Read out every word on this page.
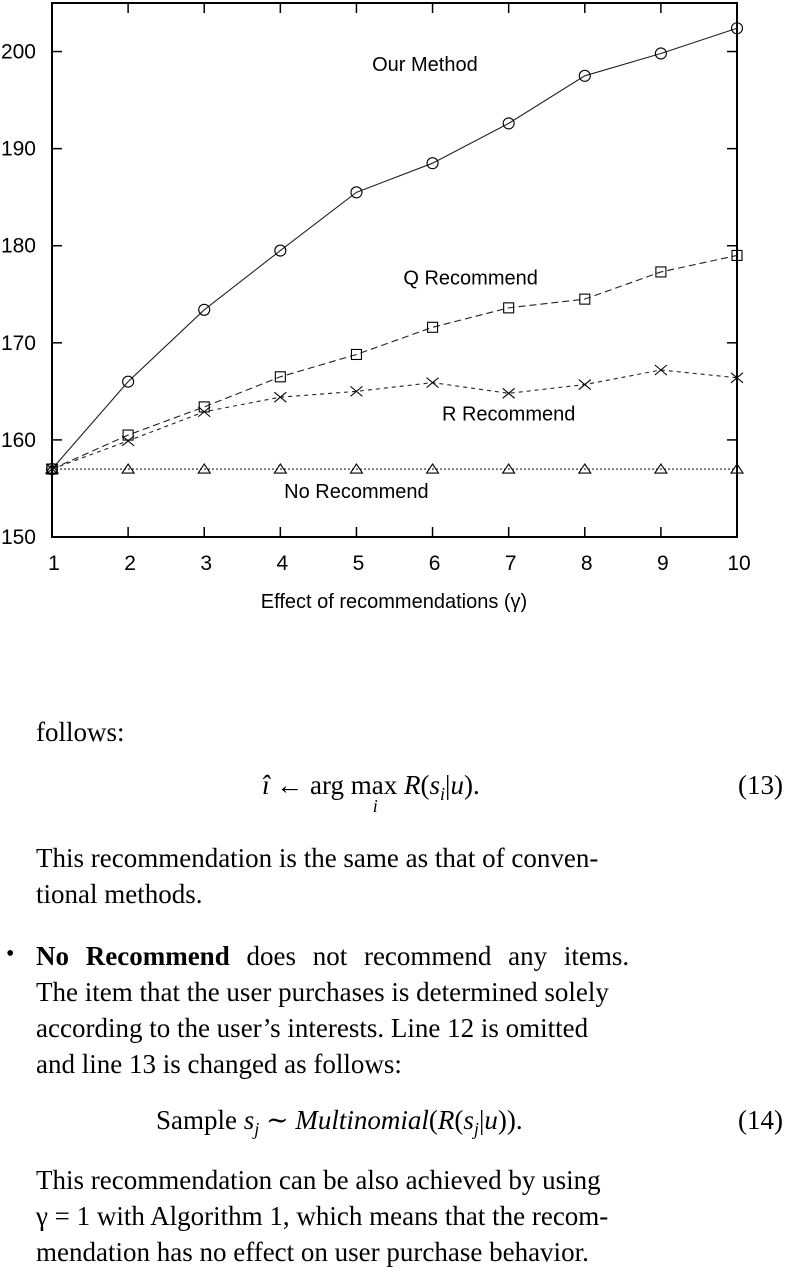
150
160
170
180
190
200
1	2	3	4	5	6	7	8	9	10
Effect of recommendations (γ)
Our Method
Q Recommend
R Recommend
No Recommend
follows:
î ← arg max
i
$R(s_i|u)$.	(13)
This recommendation is the same as that of conven-
tional methods.
• No Recommend does not recommend any items.
The item that the user purchases is determined solely
according to the user’s interests. Line 12 is omitted
and line 13 is changed as follows:
Sample $s_j$ ∼ $Multinomial(R(s_j|u))$.	(14)
This recommendation can be also achieved by using
γ = 1 with Algorithm 1, which means that the recom-
mendation has no effect on user purchase behavior.
